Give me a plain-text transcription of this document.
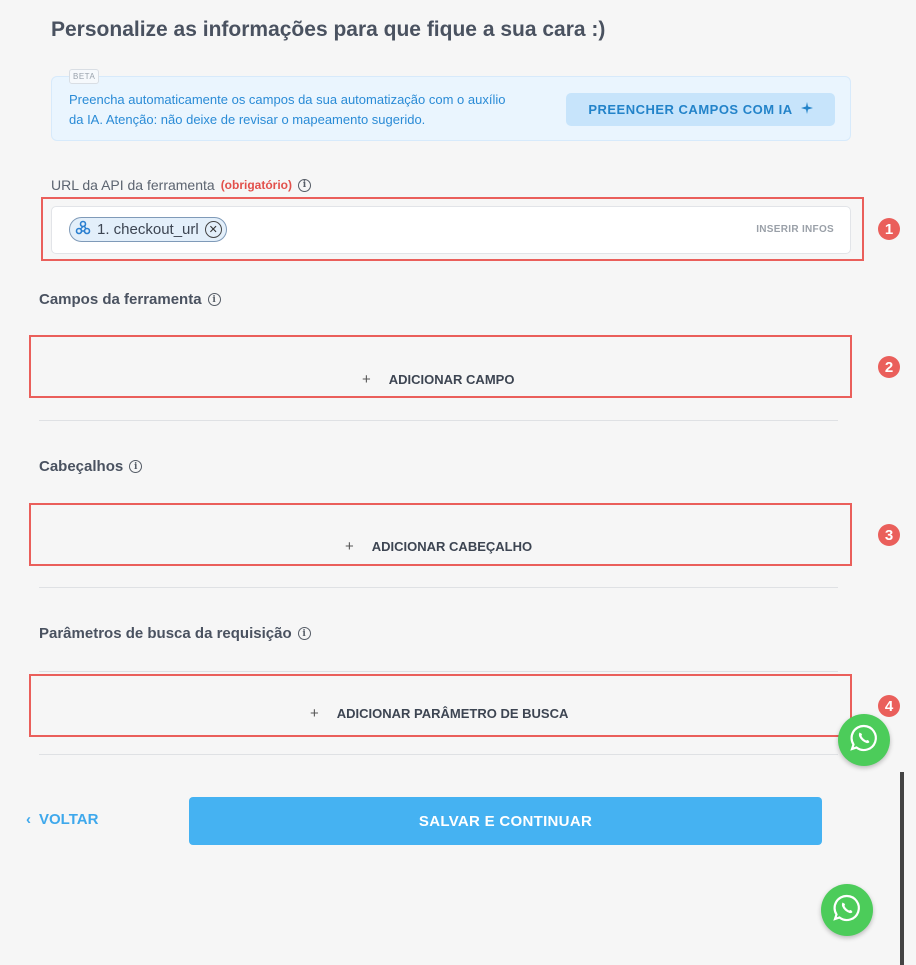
Personalize as informações para que fique a sua cara :)
BETA

Preencha automaticamente os campos da sua automatização com o auxílio da IA. Atenção: não deixe de revisar o mapeamento sugerido.

PREENCHER CAMPOS COM IA
URL da API da ferramenta (obrigatório)	i
1. checkout_url ✕	INSERIR INFOS	1
Campos da ferramenta	i
+ ADICIONAR CAMPO
2
Cabeçalhos	i
+ ADICIONAR CABEÇALHO
3
Parâmetros de busca da requisição	i
+ ADICIONAR PARÂMETRO DE BUSCA	4
‹ VOLTAR	SALVAR E CONTINUAR
